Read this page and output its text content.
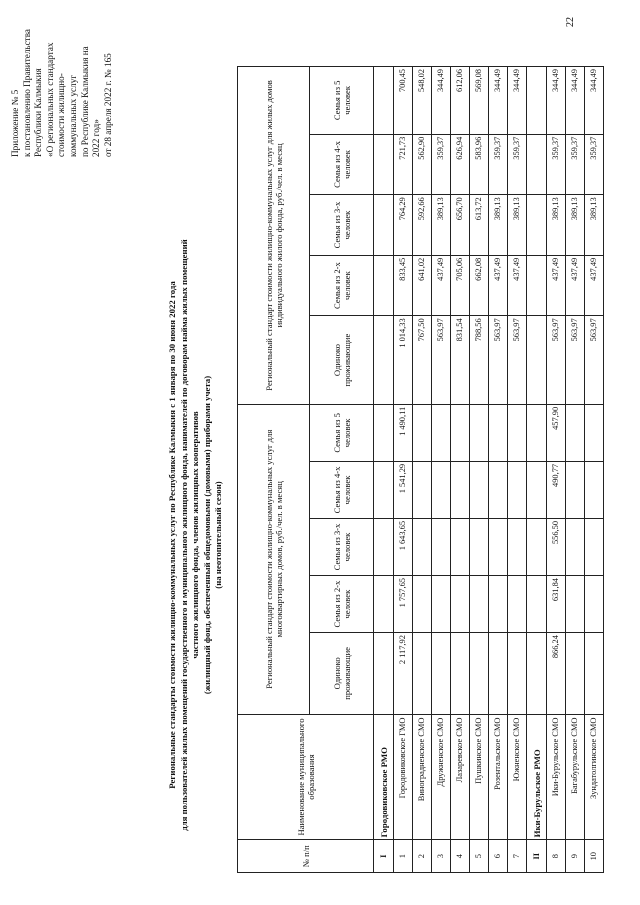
Приложение № 5 к постановлению Правительства Республики Калмыкия «О региональных стандартах стоимости жилищно- коммунальных услуг по Республике Калмыкия на 2022 год» от 28 апреля 2022 г. № 165
Региональные стандарты стоимости жилищно-коммунальных услуг по Республике Калмыкия с 1 января по 30 июня 2022 года для пользователей жилых помещений государственного и муниципального жилищного фонда, нанимателей по договорам найма жилых помещений частного жилищного фонда, членов жилищных кооперативов (жилищный фонд, обеспеченный общедомовыми (домовыми) приборами учета) (на неотопительный сезон)
№ п/п	Наименование муниципального образования	Региональный стандарт стоимости жилищно-коммунальных услуг для многоквартирных домов, руб./чел. в месяц					Региональный стандарт стоимости жилищно-коммунальных услуг для жилых домов индивидуального жилого фонда, руб./чел. в месяц				
		Одиноко проживающие	Семья из 2-х человек	Семья из 3-х человек	Семья из 4-х человек	Семья из 5 человек	Одиноко проживающие	Семья из 2-х человек	Семья из 3-х человек	Семья из 4-х человек	Семья из 5 человек
I	Городовиковское РМО										
1	Городовиковское ГМО	2 117,92	1 757,65	1 643,65	1 541,29	1 490,11	1 014,33	833,45	764,29	721,73	700,45
2	Виноградненское СМО						767,50	641,02	592,66	562,90	548,02
3	Дружненское СМО						563,97	437,49	389,13	359,37	344,49
4	Лазаревское СМО						831,54	705,06	656,70	626,94	612,06
5	Пушкинское СМО						788,56	662,08	613,72	583,96	569,08
6	Розентальское СМО						563,97	437,49	389,13	359,37	344,49
7	Южненское СМО						563,97	437,49	389,13	359,37	344,49
II	Ики-Бурульское РМО										
8	Ики-Бурульское СМО	866,24	631,84	556,50	490,77	457,90	563,97	437,49	389,13	359,37	344,49
9	Багабурульское СМО						563,97	437,49	389,13	359,37	344,49
10	Зундатолгинское СМО						563,97	437,49	389,13	359,37	344,49
22
